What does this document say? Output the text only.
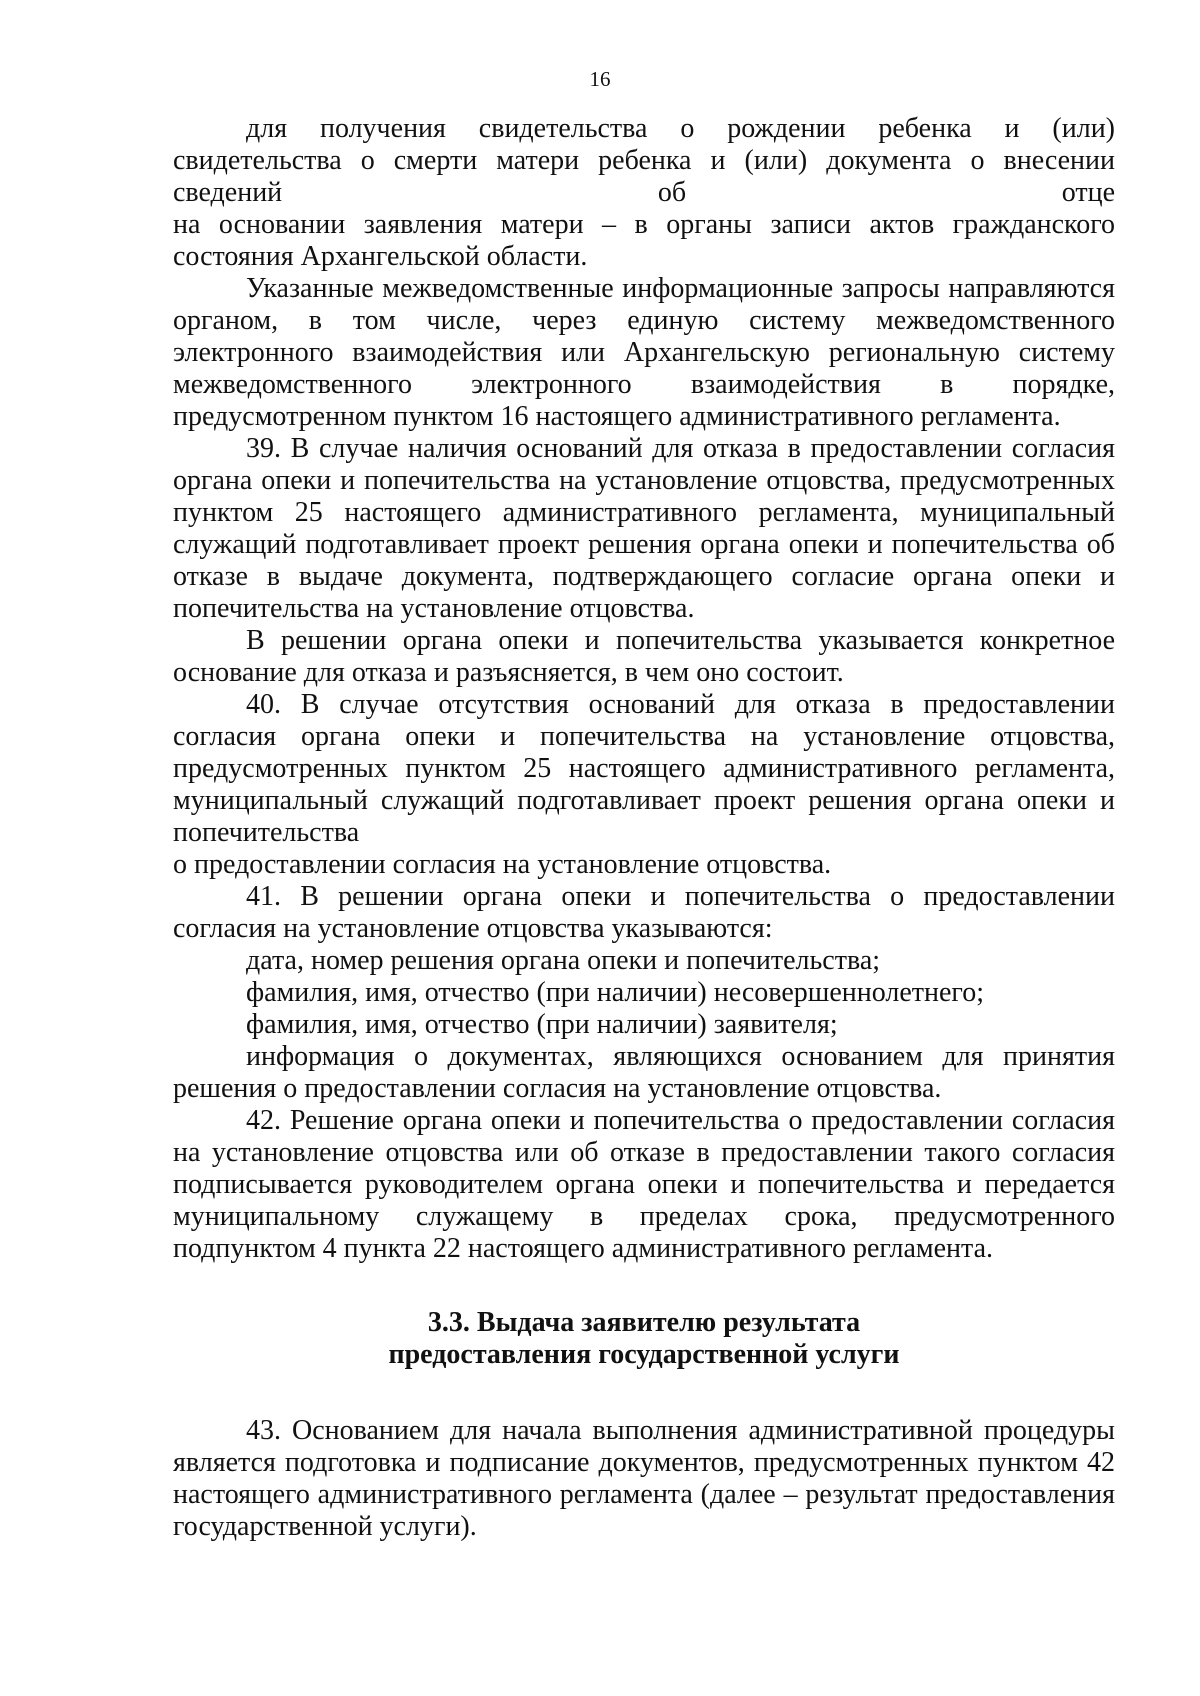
16
для получения свидетельства о рождении ребенка и (или)
свидетельства о смерти матери ребенка и (или) документа о внесении
сведений об отце
на основании заявления матери – в органы записи актов гражданского состояния Архангельской области.

Указанные межведомственные информационные запросы направляются органом, в том числе, через единую систему межведомственного электронного взаимодействия или Архангельскую региональную систему межведомственного электронного взаимодействия в порядке, предусмотренном пунктом 16 настоящего административного регламента.

39. В случае наличия оснований для отказа в предоставлении согласия органа опеки и попечительства на установление отцовства, предусмотренных пунктом 25 настоящего административного регламента, муниципальный служащий подготавливает проект решения органа опеки и попечительства об отказе в выдаче документа, подтверждающего согласие органа опеки и попечительства на установление отцовства.

В решении органа опеки и попечительства указывается конкретное основание для отказа и разъясняется, в чем оно состоит.

40. В случае отсутствия оснований для отказа в предоставлении согласия органа опеки и попечительства на установление отцовства, предусмотренных пунктом 25 настоящего административного регламента, муниципальный служащий подготавливает проект решения органа опеки и попечительства

о предоставлении согласия на установление отцовства.

41. В решении органа опеки и попечительства о предоставлении согласия на установление отцовства указываются:

дата, номер решения органа опеки и попечительства;

фамилия, имя, отчество (при наличии) несовершеннолетнего;

фамилия, имя, отчество (при наличии) заявителя;

информация о документах, являющихся основанием для принятия решения о предоставлении согласия на установление отцовства.

42. Решение органа опеки и попечительства о предоставлении согласия на установление отцовства или об отказе в предоставлении такого согласия подписывается руководителем органа опеки и попечительства и передается муниципальному служащему в пределах срока, предусмотренного подпунктом 4 пункта 22 настоящего административного регламента.

3.3. Выдача заявителю результата
предоставления государственной услуги

43. Основанием для начала выполнения административной процедуры является подготовка и подписание документов, предусмотренных пунктом 42 настоящего административного регламента (далее – результат предоставления государственной услуги).
